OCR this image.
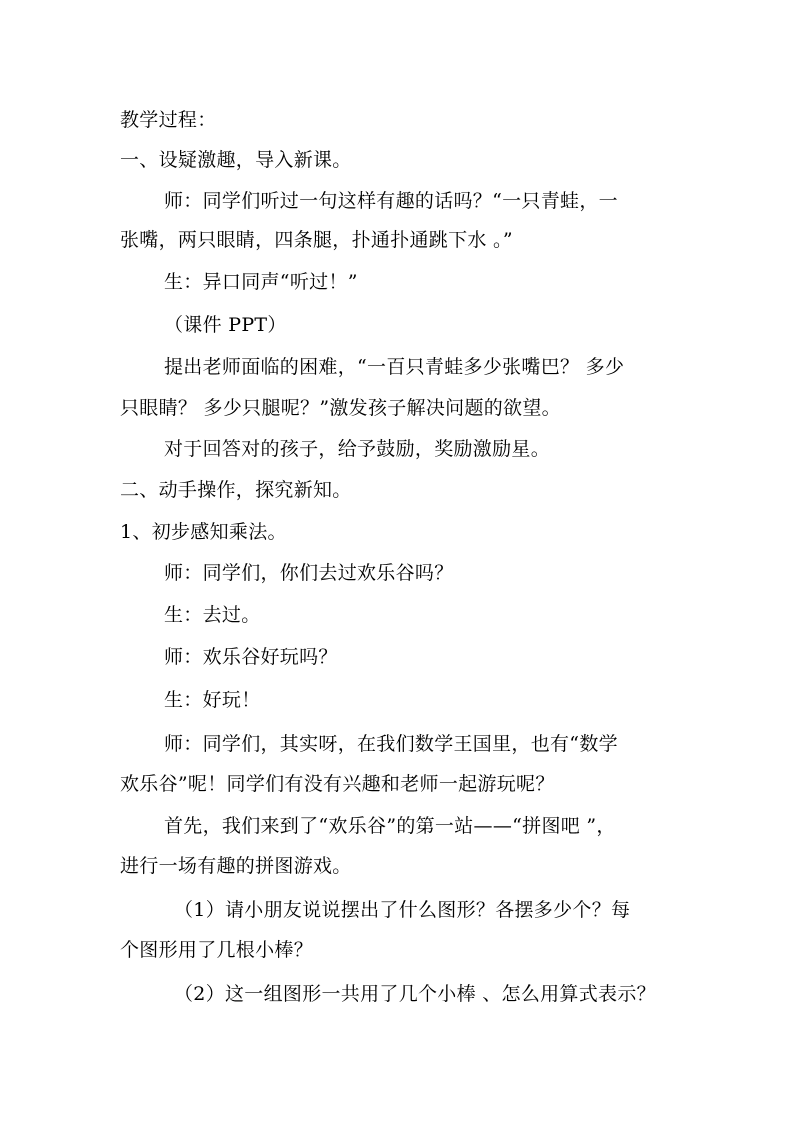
教学过程：
一、设疑激趣，导入新课。
师：同学们听过一句这样有趣的话吗？“一只青蛙，一
张嘴，两只眼睛，四条腿，扑通扑通跳下水 。”
生：异口同声“听过！”
（课件 PPT）
提出老师面临的困难，“一百只青蛙多少张嘴巴？ 多少
只眼睛？ 多少只腿呢？”激发孩子解决问题的欲望。
对于回答对的孩子，给予鼓励，奖励激励星。
二、动手操作，探究新知。
1、初步感知乘法。
师：同学们，你们去过欢乐谷吗？
生：去过。
师：欢乐谷好玩吗？
生：好玩！
师：同学们，其实呀，在我们数学王国里，也有“数学
欢乐谷”呢！同学们有没有兴趣和老师一起游玩呢？
首先，我们来到了“欢乐谷”的第一站——“拼图吧 ”，
进行一场有趣的拼图游戏。
（1）请小朋友说说摆出了什么图形？各摆多少个？每
个图形用了几根小棒？
（2）这一组图形一共用了几个小棒 、怎么用算式表示？
